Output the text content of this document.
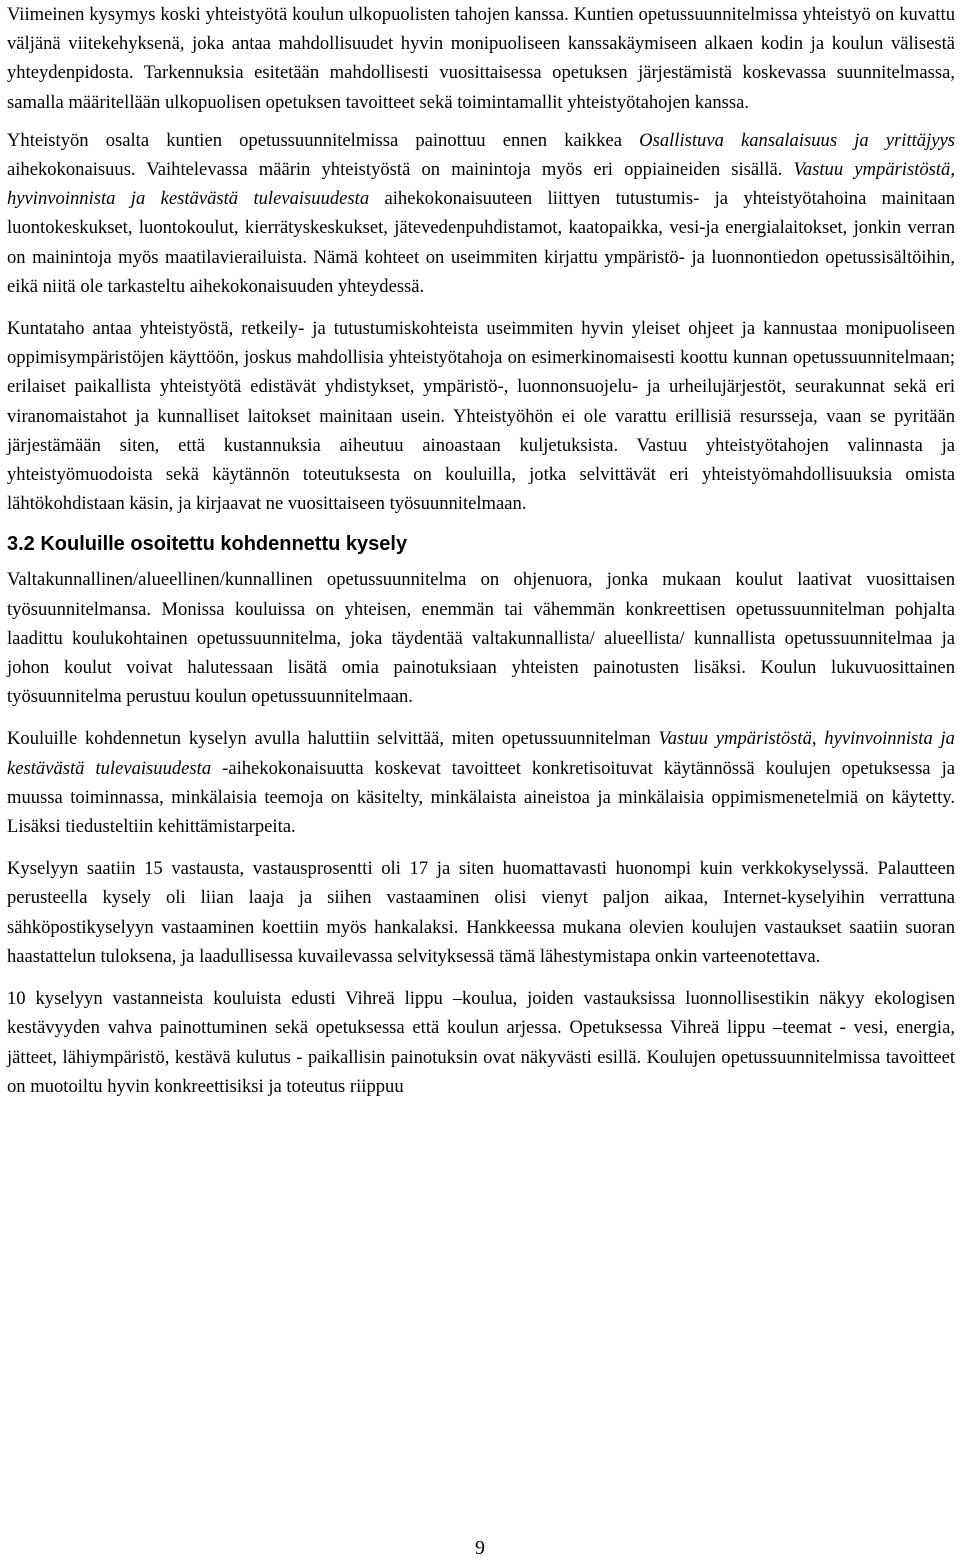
Viimeinen kysymys koski yhteistyötä koulun ulkopuolisten tahojen kanssa. Kuntien opetussuunnitelmissa yhteistyö on kuvattu väljänä viitekehyksenä, joka antaa mahdollisuudet hyvin monipuoliseen kanssakäymiseen alkaen kodin ja koulun välisestä yhteydenpidosta. Tarkennuksia esitetään mahdollisesti vuosittaisessa opetuksen järjestämistä koskevassa suunnitelmassa, samalla määritellään ulkopuolisen opetuksen tavoitteet sekä toimintamallit yhteistyötahojen kanssa.
Yhteistyön osalta kuntien opetussuunnitelmissa painottuu ennen kaikkea Osallistuva kansalaisuus ja yrittäjyys aihekokonaisuus. Vaihtelevassa määrin yhteistyöstä on mainintoja myös eri oppiaineiden sisällä. Vastuu ympäristöstä, hyvinvoinnista ja kestävästä tulevaisuudesta aihekokonaisuuteen liittyen tutustumis- ja yhteistyötahoina mainitaan luontokeskukset, luontokoulut, kierrätyskeskukset, jätevedenpuhdistamot, kaatopaikka, vesi-ja energialaitokset, jonkin verran on mainintoja myös maatilavierailuista. Nämä kohteet on useimmiten kirjattu ympäristö- ja luonnontiedon opetussisältöihin, eikä niitä ole tarkasteltu aihekokonaisuuden yhteydessä.
Kuntataho antaa yhteistyöstä, retkeily- ja tutustumiskohteista useimmiten hyvin yleiset ohjeet ja kannustaa monipuoliseen oppimisympäristöjen käyttöön, joskus mahdollisia yhteistyötahoja on esimerkinomaisesti koottu kunnan opetussuunnitelmaan; erilaiset paikallista yhteistyötä edistävät yhdistykset, ympäristö-, luonnonsuojelu- ja urheilujärjestöt, seurakunnat sekä eri viranomaistahot ja kunnalliset laitokset mainitaan usein. Yhteistyöhön ei ole varattu erillisiä resursseja, vaan se pyritään järjestämään siten, että kustannuksia aiheutuu ainoastaan kuljetuksista. Vastuu yhteistyötahojen valinnasta ja yhteistyömuodoista sekä käytännön toteutuksesta on kouluilla, jotka selvittävät eri yhteistyömahdollisuuksia omista lähtökohdistaan käsin, ja kirjaavat ne vuosittaiseen työsuunnitelmaan.
3.2 Kouluille osoitettu kohdennettu kysely
Valtakunnallinen/alueellinen/kunnallinen opetussuunnitelma on ohjenuora, jonka mukaan koulut laativat vuosittaisen työsuunnitelmansa. Monissa kouluissa on yhteisen, enemmän tai vähemmän konkreettisen opetussuunnitelman pohjalta laadittu koulukohtainen opetussuunnitelma, joka täydentää valtakunnallista/ alueellista/ kunnallista opetussuunnitelmaa ja johon koulut voivat halutessaan lisätä omia painotuksiaan yhteisten painotusten lisäksi. Koulun lukuvuosittainen työsuunnitelma perustuu koulun opetussuunnitelmaan.
Kouluille kohdennetun kyselyn avulla haluttiin selvittää, miten opetussuunnitelman Vastuu ympäristöstä, hyvinvoinnista ja kestävästä tulevaisuudesta -aihekokonaisuutta koskevat tavoitteet konkretisoituvat käytännössä koulujen opetuksessa ja muussa toiminnassa, minkälaisia teemoja on käsitelty, minkälaista aineistoa ja minkälaisia oppimismenetelmiä on käytetty. Lisäksi tiedusteltiin kehittämistarpeita.
Kyselyyn saatiin 15 vastausta, vastausprosentti oli 17 ja siten huomattavasti huonompi kuin verkkokyselyssä. Palautteen perusteella kysely oli liian laaja ja siihen vastaaminen olisi vienyt paljon aikaa, Internet-kyselyihin verrattuna sähköpostikyselyyn vastaaminen koettiin myös hankalaksi. Hankkeessa mukana olevien koulujen vastaukset saatiin suoran haastattelun tuloksena, ja laadullisessa kuvailevassa selvityksessä tämä lähestymistapa onkin varteenotettava.
10 kyselyyn vastanneista kouluista edusti Vihreä lippu –koulua, joiden vastauksissa luonnollisestikin näkyy ekologisen kestävyyden vahva painottuminen sekä opetuksessa että koulun arjessa. Opetuksessa Vihreä lippu –teemat - vesi, energia, jätteet, lähiympäristö, kestävä kulutus - paikallisin painotuksin ovat näkyvästi esillä. Koulujen opetussuunnitelmissa tavoitteet on muotoiltu hyvin konkreettisiksi ja toteutus riippuu
9
